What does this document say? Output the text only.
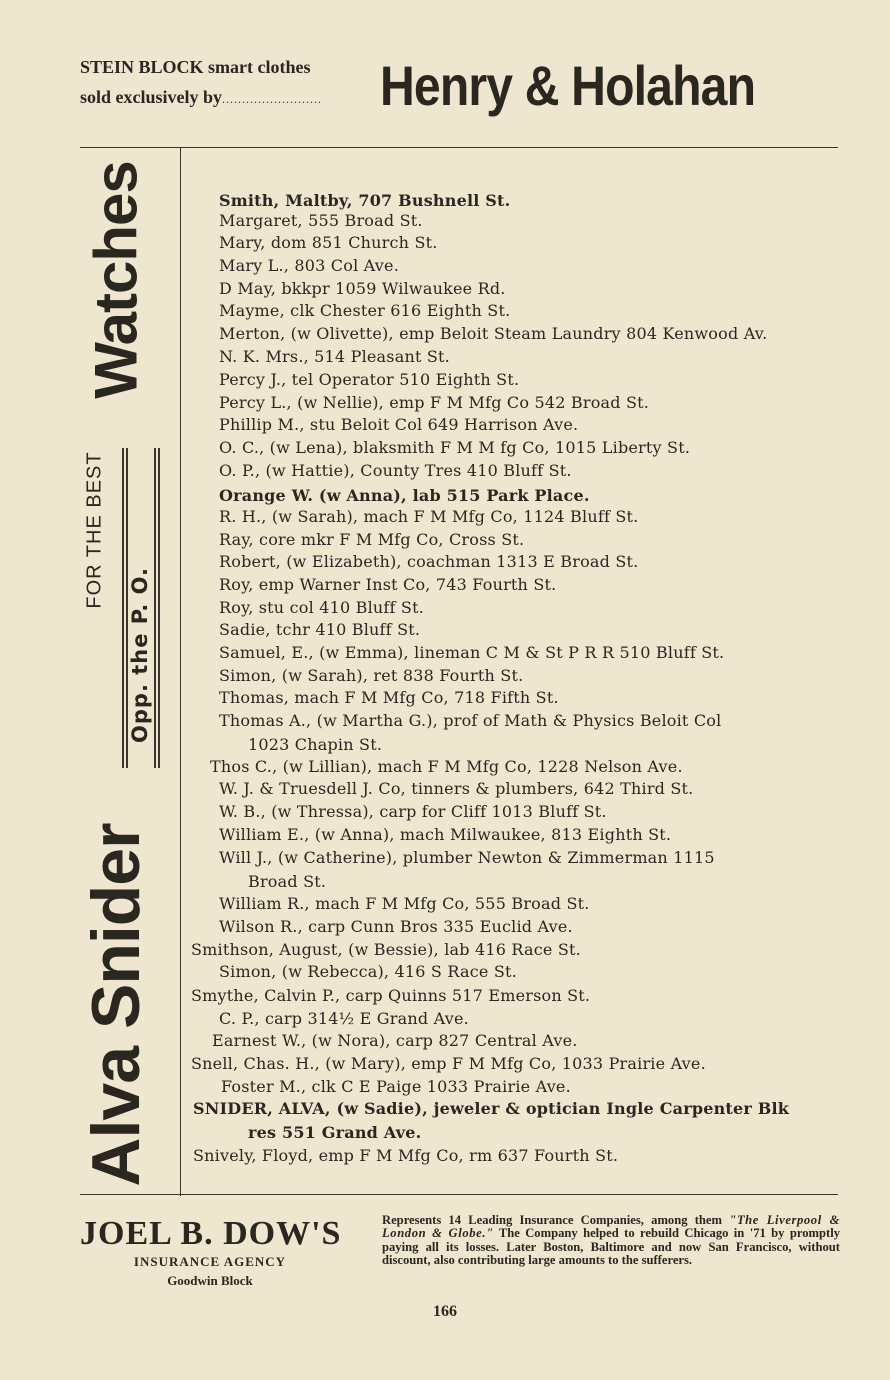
STEIN BLOCK smart clothes
sold exclusively by.........................	Henry & Holahan
Watches
FOR THE BEST
Opp. the P. O.
Alva Snider
Smith, Maltby, 707 Bushnell St.
Margaret, 555 Broad St.
Mary, dom 851 Church St.
Mary L., 803 Col Ave.
D May, bkkpr 1059 Wilwaukee Rd.
Mayme, clk Chester 616 Eighth St.
Merton, (w Olivette), emp Beloit Steam Laundry 804 Kenwood Av.
N. K. Mrs., 514 Pleasant St.
Percy J., tel Operator 510 Eighth St.
Percy L., (w Nellie), emp F M Mfg Co 542 Broad St.
Phillip M., stu Beloit Col 649 Harrison Ave.
O. C., (w Lena), blaksmith F M M fg Co, 1015 Liberty St.
O. P., (w Hattie), County Tres 410 Bluff St.
Orange W. (w Anna), lab 515 Park Place.
R. H., (w Sarah), mach F M Mfg Co, 1124 Bluff St.
Ray, core mkr F M Mfg Co, Cross St.
Robert, (w Elizabeth), coachman 1313 E Broad St.
Roy, emp Warner Inst Co, 743 Fourth St.
Roy, stu col 410 Bluff St.
Sadie, tchr 410 Bluff St.
Samuel, E., (w Emma), lineman C M & St P R R 510 Bluff St.
Simon, (w Sarah), ret 838 Fourth St.
Thomas, mach F M Mfg Co, 718 Fifth St.
Thomas A., (w Martha G.), prof of Math & Physics Beloit Col
1023 Chapin St.
Thos C., (w Lillian), mach F M Mfg Co, 1228 Nelson Ave.
W. J. & Truesdell J. Co, tinners & plumbers, 642 Third St.
W. B., (w Thressa), carp for Cliff 1013 Bluff St.
William E., (w Anna), mach Milwaukee, 813 Eighth St.
Will J., (w Catherine), plumber Newton & Zimmerman 1115
Broad St.
William R., mach F M Mfg Co, 555 Broad St.
Wilson R., carp Cunn Bros 335 Euclid Ave.
Smithson, August, (w Bessie), lab 416 Race St.
Simon, (w Rebecca), 416 S Race St.
Smythe, Calvin P., carp Quinns 517 Emerson St.
C. P., carp 314½ E Grand Ave.
Earnest W., (w Nora), carp 827 Central Ave.
Snell, Chas. H., (w Mary), emp F M Mfg Co, 1033 Prairie Ave.
Foster M., clk C E Paige 1033 Prairie Ave.
SNIDER, ALVA, (w Sadie), jeweler & optician Ingle Carpenter Blk
res 551 Grand Ave.
Snively, Floyd, emp F M Mfg Co, rm 637 Fourth St.
JOEL B. DOW'S
INSURANCE AGENCY
Goodwin Block
Represents 14 Leading Insurance Companies, among them "The Liverpool & London & Globe." The Company helped to rebuild Chicago in '71 by promptly paying all its losses. Later Boston, Baltimore and now San Francisco, without discount, also contributing large amounts to the sufferers.
166
